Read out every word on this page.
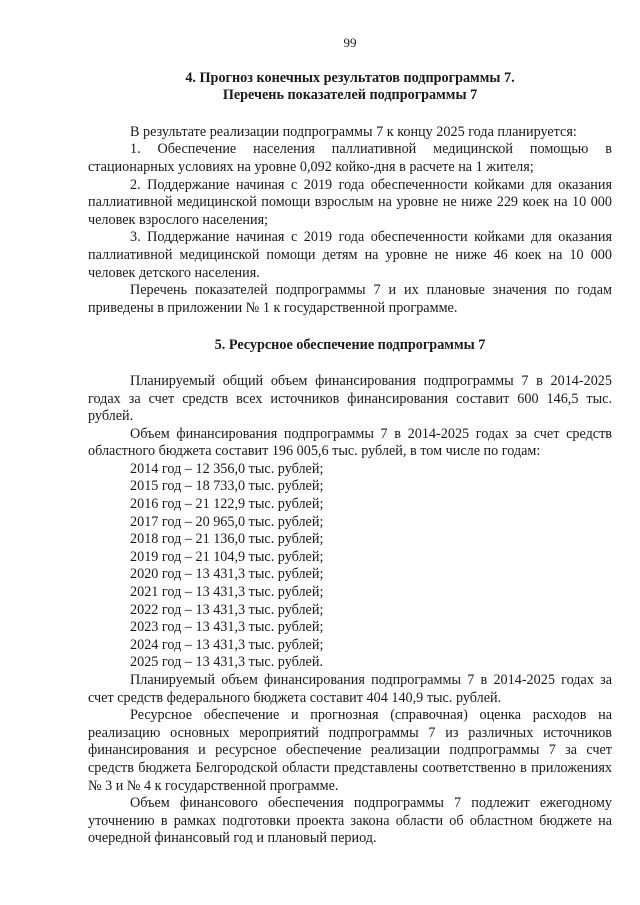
99

4. Прогноз конечных результатов подпрограммы 7.

Перечень показателей подпрограммы 7

В результате реализации подпрограммы 7 к концу 2025 года планируется:

1. Обеспечение населения паллиативной медицинской помощью в стационарных условиях на уровне 0,092 койко-дня в расчете на 1 жителя;

2. Поддержание начиная с 2019 года обеспеченности койками для оказания паллиативной медицинской помощи взрослым на уровне не ниже 229 коек на 10 000 человек взрослого населения;

3. Поддержание начиная с 2019 года обеспеченности койками для оказания паллиативной медицинской помощи детям на уровне не ниже 46 коек на 10 000 человек детского населения.

Перечень показателей подпрограммы 7 и их плановые значения по годам приведены в приложении № 1 к государственной программе.

5. Ресурсное обеспечение подпрограммы 7

Планируемый общий объем финансирования подпрограммы 7 в 2014-2025 годах за счет средств всех источников финансирования составит 600 146,5 тыс. рублей.

Объем финансирования подпрограммы 7 в 2014-2025 годах за счет средств областного бюджета составит 196 005,6 тыс. рублей, в том числе по годам:

2014 год – 12 356,0 тыс. рублей;
2015 год – 18 733,0 тыс. рублей;
2016 год – 21 122,9 тыс. рублей;
2017 год – 20 965,0 тыс. рублей;
2018 год – 21 136,0 тыс. рублей;
2019 год – 21 104,9 тыс. рублей;
2020 год – 13 431,3 тыс. рублей;
2021 год – 13 431,3 тыс. рублей;
2022 год – 13 431,3 тыс. рублей;
2023 год – 13 431,3 тыс. рублей;
2024 год – 13 431,3 тыс. рублей;
2025 год – 13 431,3 тыс. рублей.

Планируемый объем финансирования подпрограммы 7 в 2014-2025 годах за счет средств федерального бюджета составит 404 140,9 тыс. рублей.

Ресурсное обеспечение и прогнозная (справочная) оценка расходов на реализацию основных мероприятий подпрограммы 7 из различных источников финансирования и ресурсное обеспечение реализации подпрограммы 7 за счет средств бюджета Белгородской области представлены соответственно в приложениях № 3 и № 4 к государственной программе.

Объем финансового обеспечения подпрограммы 7 подлежит ежегодному уточнению в рамках подготовки проекта закона области об областном бюджете на очередной финансовый год и плановый период.
